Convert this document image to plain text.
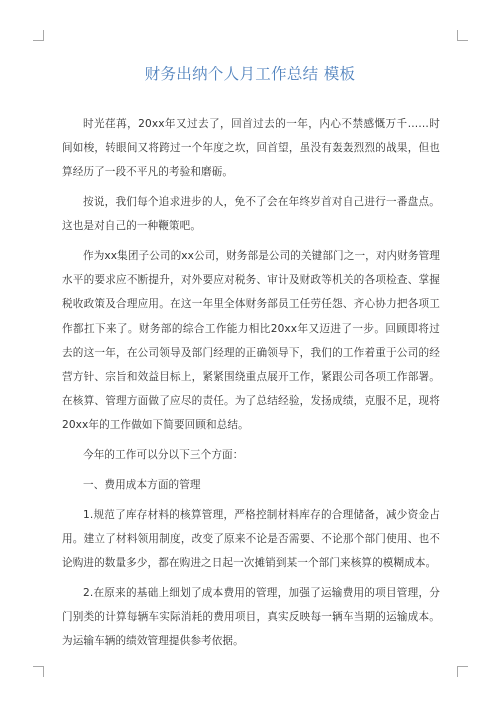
财务出纳个人月工作总结 模板

时光荏苒，20xx年又过去了，回首过去的一年，内心不禁感慨万千……时间如梭，转眼间又将跨过一个年度之坎，回首望，虽没有轰轰烈烈的战果，但也算经历了一段不平凡的考验和磨砺。

按说，我们每个追求进步的人，免不了会在年终岁首对自己进行一番盘点。这也是对自己的一种鞭策吧。

作为xx集团子公司的xx公司，财务部是公司的关键部门之一，对内财务管理水平的要求应不断提升，对外要应对税务、审计及财政等机关的各项检查、掌握税收政策及合理应用。在这一年里全体财务部员工任劳任怨、齐心协力把各项工作都扛下来了。财务部的综合工作能力相比20xx年又迈进了一步。回顾即将过去的这一年，在公司领导及部门经理的正确领导下，我们的工作着重于公司的经营方针、宗旨和效益目标上，紧紧围绕重点展开工作，紧跟公司各项工作部署。在核算、管理方面做了应尽的责任。为了总结经验，发扬成绩，克服不足，现将20xx年的工作做如下简要回顾和总结。

今年的工作可以分以下三个方面：

一、费用成本方面的管理

1.规范了库存材料的核算管理，严格控制材料库存的合理储备，减少资金占用。建立了材料领用制度，改变了原来不论是否需要、不论那个部门使用、也不论购进的数量多少，都在购进之日起一次摊销到某一个部门来核算的模糊成本。

2.在原来的基础上细划了成本费用的管理，加强了运输费用的项目管理，分门别类的计算每辆车实际消耗的费用项目，真实反映每一辆车当期的运输成本。为运输车辆的绩效管理提供参考依据。
